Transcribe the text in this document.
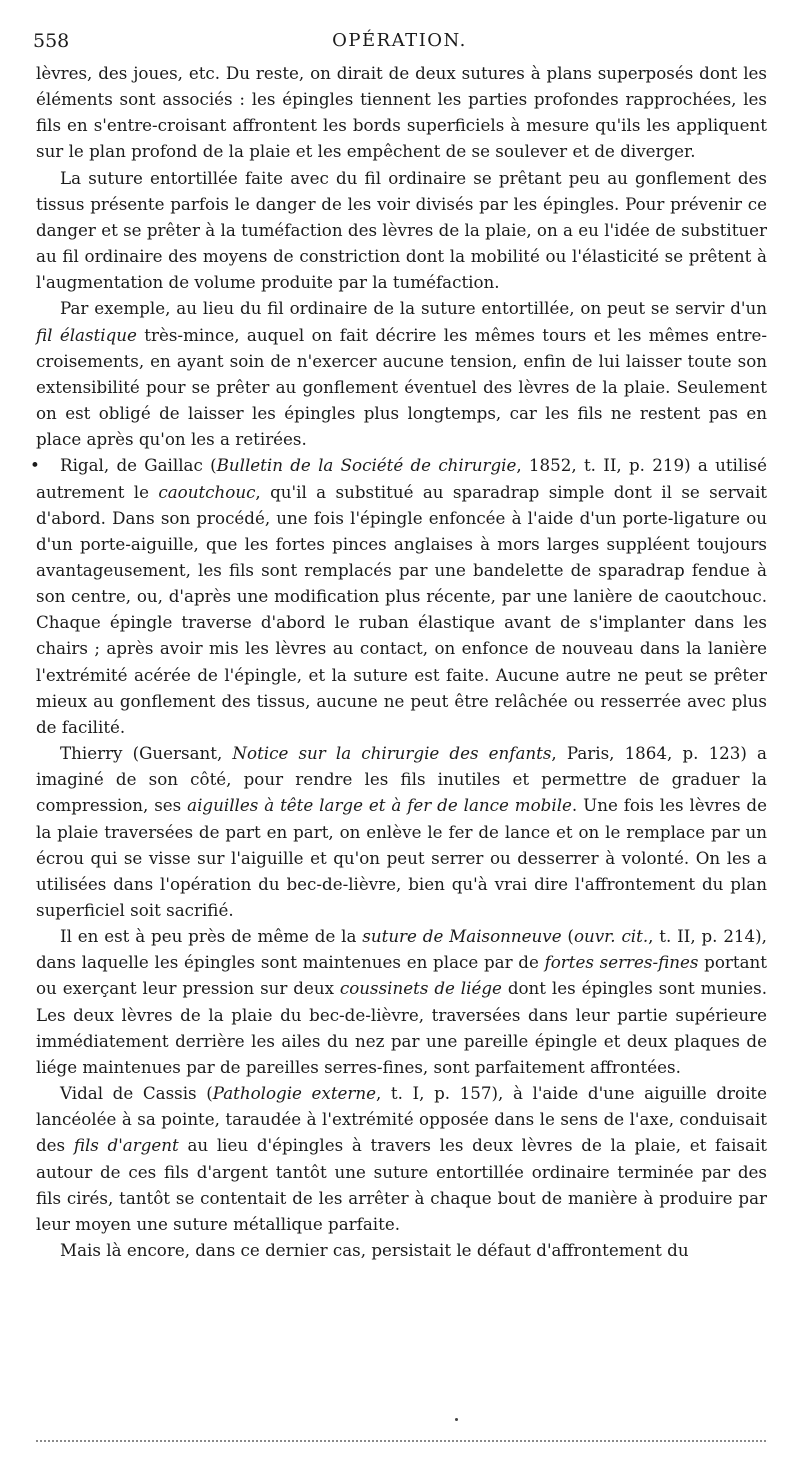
558	OPÉRATION.

lèvres, des joues, etc. Du reste, on dirait de deux sutures à plans superposés dont les éléments sont associés : les épingles tiennent les parties profondes rapprochées, les fils en s'entre-croisant affrontent les bords superficiels à mesure qu'ils les appliquent sur le plan profond de la plaie et les empêchent de se soulever et de diverger.

La suture entortillée faite avec du fil ordinaire se prêtant peu au gonflement des tissus présente parfois le danger de les voir divisés par les épingles. Pour prévenir ce danger et se prêter à la tuméfaction des lèvres de la plaie, on a eu l'idée de substituer au fil ordinaire des moyens de constriction dont la mobilité ou l'élasticité se prêtent à l'augmentation de volume produite par la tuméfaction.

Par exemple, au lieu du fil ordinaire de la suture entortillée, on peut se servir d'un fil élastique très-mince, auquel on fait décrire les mêmes tours et les mêmes entre-croisements, en ayant soin de n'exercer aucune tension, enfin de lui laisser toute son extensibilité pour se prêter au gonflement éventuel des lèvres de la plaie. Seulement on est obligé de laisser les épingles plus longtemps, car les fils ne restent pas en place après qu'on les a retirées.

• Rigal, de Gaillac (Bulletin de la Société de chirurgie, 1852, t. II, p. 219) a utilisé autrement le caoutchouc, qu'il a substitué au sparadrap simple dont il se servait d'abord. Dans son procédé, une fois l'épingle enfoncée à l'aide d'un porte-ligature ou d'un porte-aiguille, que les fortes pinces anglaises à mors larges suppléent toujours avantageusement, les fils sont remplacés par une bandelette de sparadrap fendue à son centre, ou, d'après une modification plus récente, par une lanière de caoutchouc. Chaque épingle traverse d'abord le ruban élastique avant de s'implanter dans les chairs ; après avoir mis les lèvres au contact, on enfonce de nouveau dans la lanière l'extrémité acérée de l'épingle, et la suture est faite. Aucune autre ne peut se prêter mieux au gonflement des tissus, aucune ne peut être relâchée ou resserrée avec plus de facilité.

Thierry (Guersant, Notice sur la chirurgie des enfants, Paris, 1864, p. 123) a imaginé de son côté, pour rendre les fils inutiles et permettre de graduer la compression, ses aiguilles à tête large et à fer de lance mobile. Une fois les lèvres de la plaie traversées de part en part, on enlève le fer de lance et on le remplace par un écrou qui se visse sur l'aiguille et qu'on peut serrer ou desserrer à volonté. On les a utilisées dans l'opération du bec-de-lièvre, bien qu'à vrai dire l'affrontement du plan superficiel soit sacrifié.

Il en est à peu près de même de la suture de Maisonneuve (ouvr. cit., t. II, p. 214), dans laquelle les épingles sont maintenues en place par de fortes serres-fines portant ou exerçant leur pression sur deux coussinets de liége dont les épingles sont munies. Les deux lèvres de la plaie du bec-de-lièvre, traversées dans leur partie supérieure immédiatement derrière les ailes du nez par une pareille épingle et deux plaques de liége maintenues par de pareilles serres-fines, sont parfaitement affrontées.

Vidal de Cassis (Pathologie externe, t. I, p. 157), à l'aide d'une aiguille droite lancéolée à sa pointe, taraudée à l'extrémité opposée dans le sens de l'axe, conduisait des fils d'argent au lieu d'épingles à travers les deux lèvres de la plaie, et faisait autour de ces fils d'argent tantôt une suture entortillée ordinaire terminée par des fils cirés, tantôt se contentait de les arrêter à chaque bout de manière à produire par leur moyen une suture métallique parfaite.

Mais là encore, dans ce dernier cas, persistait le défaut d'affrontement du
